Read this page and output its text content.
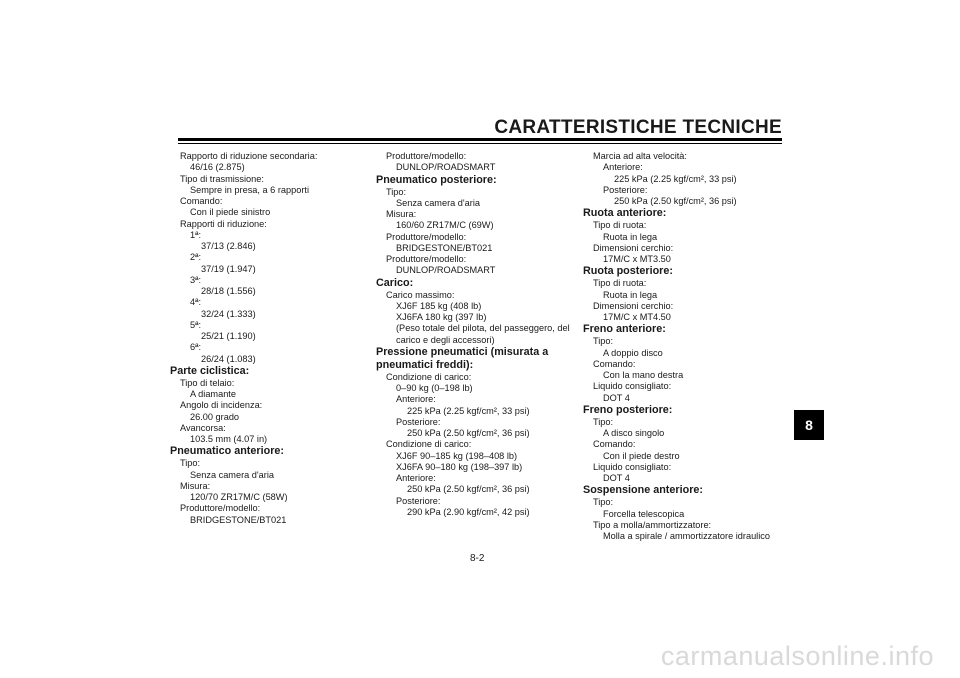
CARATTERISTICHE TECNICHE
8
Rapporto di riduzione secondaria:
46/16 (2.875)
Tipo di trasmissione:
Sempre in presa, a 6 rapporti
Comando:
Con il piede sinistro
Rapporti di riduzione:
1ª:
37/13 (2.846)
2ª:
37/19 (1.947)
3ª:
28/18 (1.556)
4ª:
32/24 (1.333)
5ª:
25/21 (1.190)
6ª:
26/24 (1.083)
Parte ciclistica:
Tipo di telaio:
A diamante
Angolo di incidenza:
26.00 grado
Avancorsa:
103.5 mm (4.07 in)
Pneumatico anteriore:
Tipo:
Senza camera d'aria
Misura:
120/70 ZR17M/C (58W)
Produttore/modello:
BRIDGESTONE/BT021
Produttore/modello:
DUNLOP/ROADSMART
Pneumatico posteriore:
Tipo:
Senza camera d'aria
Misura:
160/60 ZR17M/C (69W)
Produttore/modello:
BRIDGESTONE/BT021
Produttore/modello:
DUNLOP/ROADSMART
Carico:
Carico massimo:
XJ6F 185 kg (408 lb)
XJ6FA 180 kg (397 lb)
(Peso totale del pilota, del passeggero, del carico e degli accessori)
Pressione pneumatici (misurata a pneumatici freddi):
Condizione di carico:
0–90 kg (0–198 lb)
Anteriore:
225 kPa (2.25 kgf/cm², 33 psi)
Posteriore:
250 kPa (2.50 kgf/cm², 36 psi)
Condizione di carico:
XJ6F 90–185 kg (198–408 lb)
XJ6FA 90–180 kg (198–397 lb)
Anteriore:
250 kPa (2.50 kgf/cm², 36 psi)
Posteriore:
290 kPa (2.90 kgf/cm², 42 psi)
Marcia ad alta velocità:
Anteriore:
225 kPa (2.25 kgf/cm², 33 psi)
Posteriore:
250 kPa (2.50 kgf/cm², 36 psi)
Ruota anteriore:
Tipo di ruota:
Ruota in lega
Dimensioni cerchio:
17M/C x MT3.50
Ruota posteriore:
Tipo di ruota:
Ruota in lega
Dimensioni cerchio:
17M/C x MT4.50
Freno anteriore:
Tipo:
A doppio disco
Comando:
Con la mano destra
Liquido consigliato:
DOT 4
Freno posteriore:
Tipo:
A disco singolo
Comando:
Con il piede destro
Liquido consigliato:
DOT 4
Sospensione anteriore:
Tipo:
Forcella telescopica
Tipo a molla/ammortizzatore:
Molla a spirale / ammortizzatore idraulico
8-2
carmanualsonline.info
